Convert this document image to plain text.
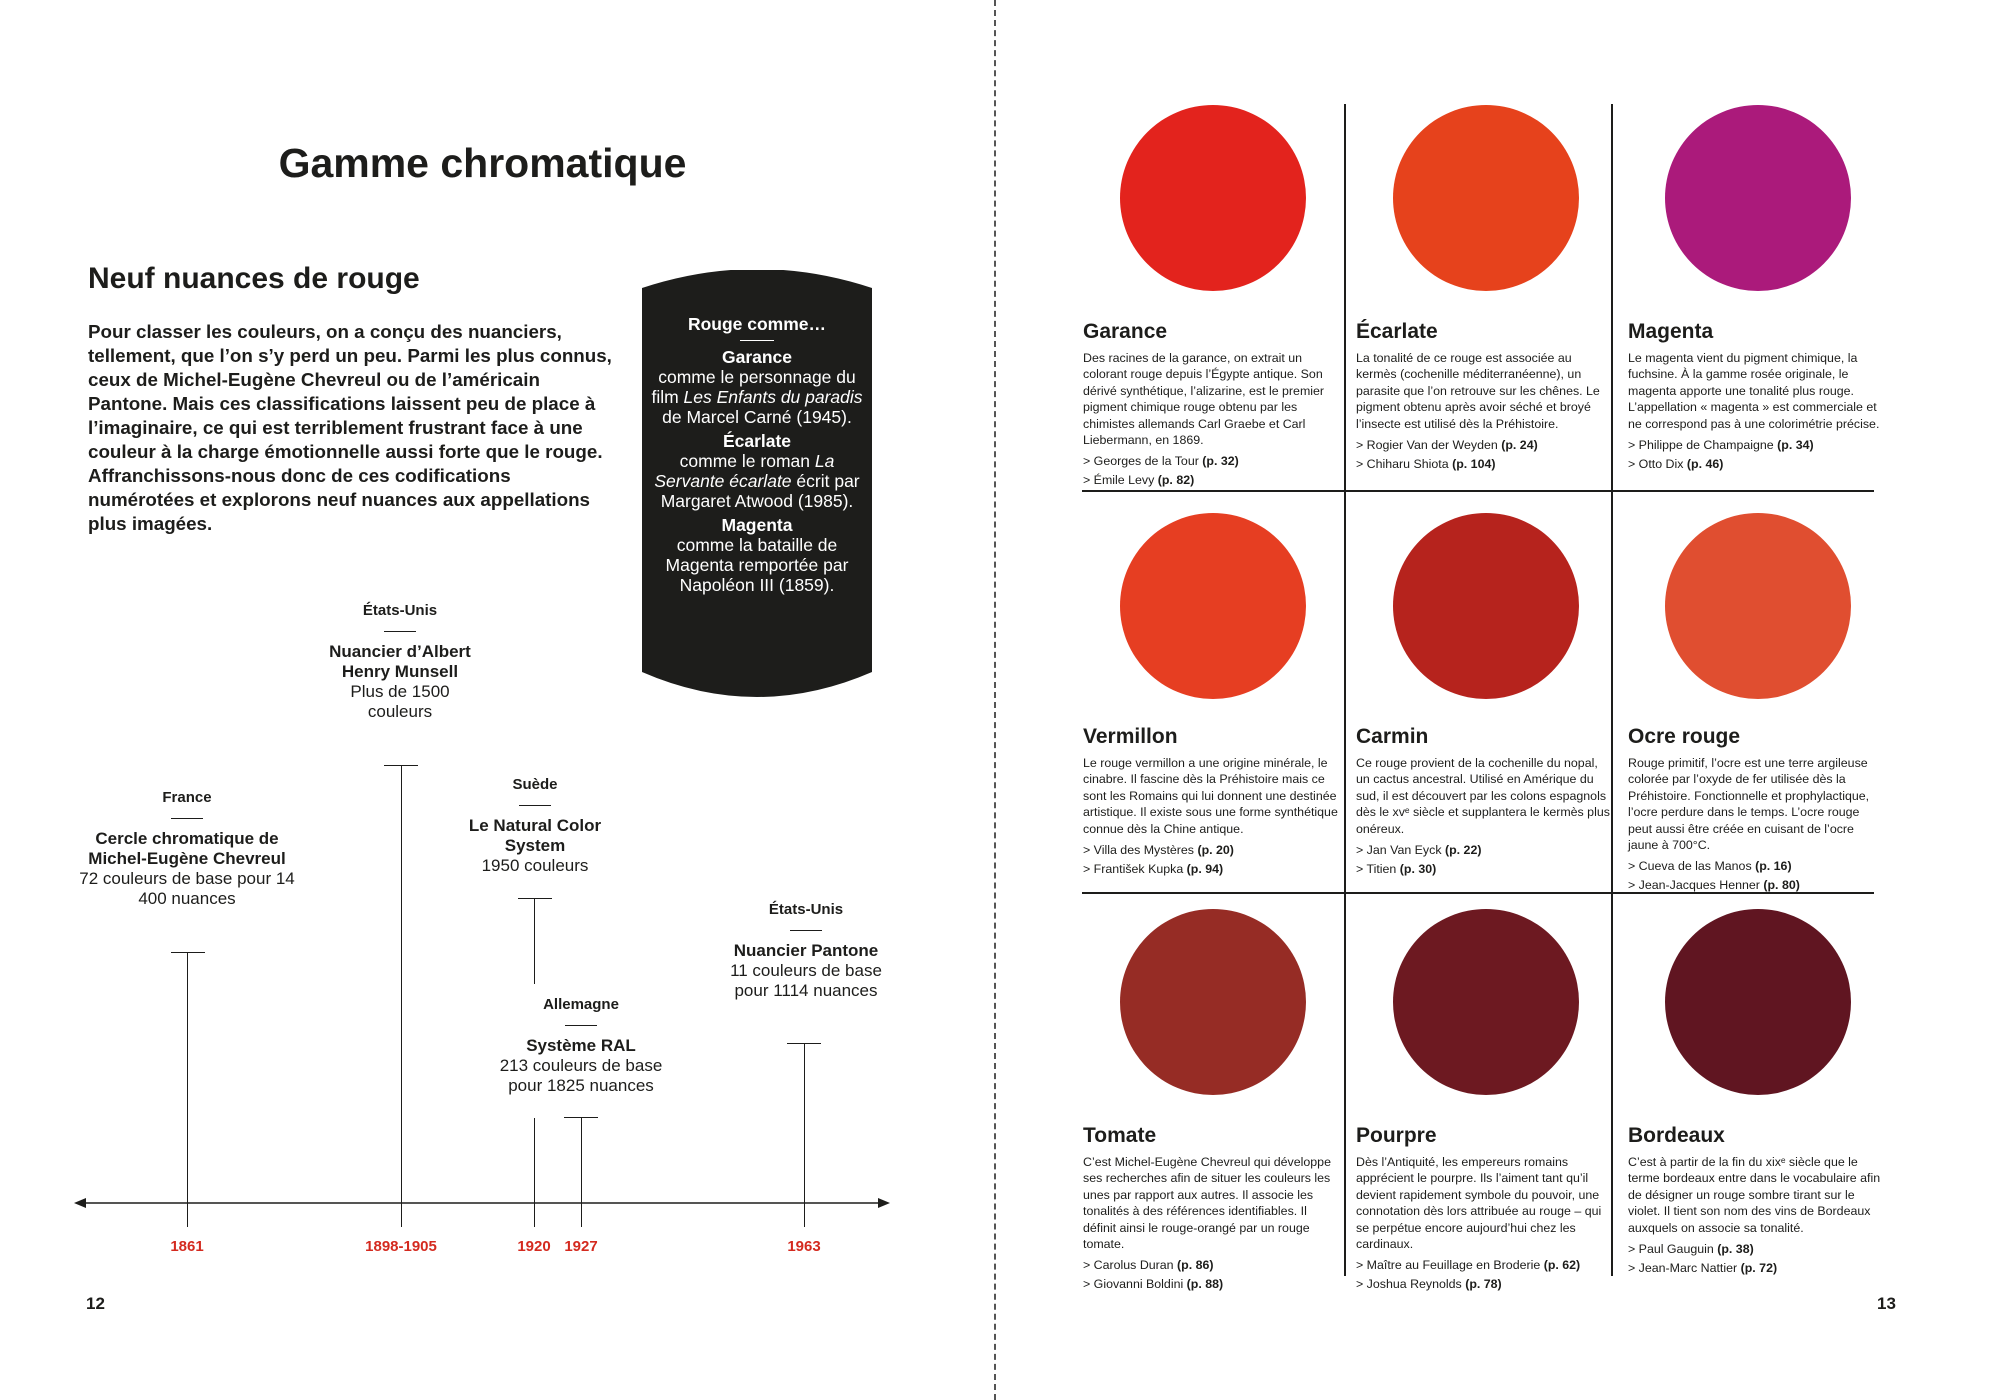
Gamme chromatique
Neuf nuances de rouge

Pour classer les couleurs, on a conçu des nuanciers, tellement, que l’on s’y perd un peu. Parmi les plus connus, ceux de Michel-Eugène Chevreul ou de l’américain Pantone. Mais ces classifications laissent peu de place à l’imaginaire, ce qui est terriblement frustrant face à une couleur à la charge émotionnelle aussi forte que le rouge. Affranchissons-nous donc de ces codifications numérotées et explorons neuf nuances aux appellations plus imagées.

Rouge comme…
Garance
comme le personnage du film Les Enfants du paradis de Marcel Carné (1945).
Écarlate
comme le roman La Servante écarlate écrit par Margaret Atwood (1985).
Magenta
comme la bataille de Magenta remportée par Napoléon III (1859).
France
Cercle chromatique de Michel-Eugène Chevreul
72 couleurs de base pour 14 400 nuances
1861
États-Unis
Nuancier d’Albert Henry Munsell
Plus de 1500 couleurs
1898-1905
Suède
Le Natural Color System
1950 couleurs
1920
Allemagne
Système RAL
213 couleurs de base pour 1825 nuances
1927
États-Unis
Nuancier Pantone
11 couleurs de base pour 1114 nuances
1963
12
Garance

Des racines de la garance, on extrait un colorant rouge depuis l’Égypte antique. Son dérivé synthétique, l’alizarine, est le premier pigment chimique rouge obtenu par les chimistes allemands Carl Graebe et Carl Liebermann, en 1869.

> Georges de la Tour (p. 32)
> Émile Levy (p. 82)
Écarlate

La tonalité de ce rouge est associée au kermès (cochenille méditerranéenne), un parasite que l’on retrouve sur les chênes. Le pigment obtenu après avoir séché et broyé l’insecte est utilisé dès la Préhistoire.

> Rogier Van der Weyden (p. 24)
> Chiharu Shiota (p. 104)
Magenta

Le magenta vient du pigment chimique, la fuchsine. À la gamme rosée originale, le magenta apporte une tonalité plus rouge. L’appellation « magenta » est commerciale et ne correspond pas à une colorimétrie précise.

> Philippe de Champaigne (p. 34)
> Otto Dix (p. 46)
Vermillon

Le rouge vermillon a une origine minérale, le cinabre. Il fascine dès la Préhistoire mais ce sont les Romains qui lui donnent une destinée artistique. Il existe sous une forme synthétique connue dès la Chine antique.

> Villa des Mystères (p. 20)
> František Kupka (p. 94)
Carmin

Ce rouge provient de la cochenille du nopal, un cactus ancestral. Utilisé en Amérique du sud, il est découvert par les colons espagnols dès le xvᵉ siècle et supplantera le kermès plus onéreux.

> Jan Van Eyck (p. 22)
> Titien (p. 30)
Ocre rouge

Rouge primitif, l’ocre est une terre argileuse colorée par l’oxyde de fer utilisée dès la Préhistoire. Fonctionnelle et prophylactique, l’ocre perdure dans le temps. L’ocre rouge peut aussi être créée en cuisant de l’ocre jaune à 700°C.

> Cueva de las Manos (p. 16)
> Jean-Jacques Henner (p. 80)
Tomate

C’est Michel-Eugène Chevreul qui développe ses recherches afin de situer les couleurs les unes par rapport aux autres. Il associe les tonalités à des références identifiables. Il définit ainsi le rouge-orangé par un rouge tomate.

> Carolus Duran (p. 86)
> Giovanni Boldini (p. 88)
Pourpre

Dès l’Antiquité, les empereurs romains apprécient le pourpre. Ils l’aiment tant qu’il devient rapidement symbole du pouvoir, une connotation dès lors attribuée au rouge – qui se perpétue encore aujourd’hui chez les cardinaux.

> Maître au Feuillage en Broderie (p. 62)
> Joshua Reynolds (p. 78)
Bordeaux

C’est à partir de la fin du xixᵉ siècle que le terme bordeaux entre dans le vocabulaire afin de désigner un rouge sombre tirant sur le violet. Il tient son nom des vins de Bordeaux auxquels on associe sa tonalité.

> Paul Gauguin (p. 38)
> Jean-Marc Nattier (p. 72)
13
